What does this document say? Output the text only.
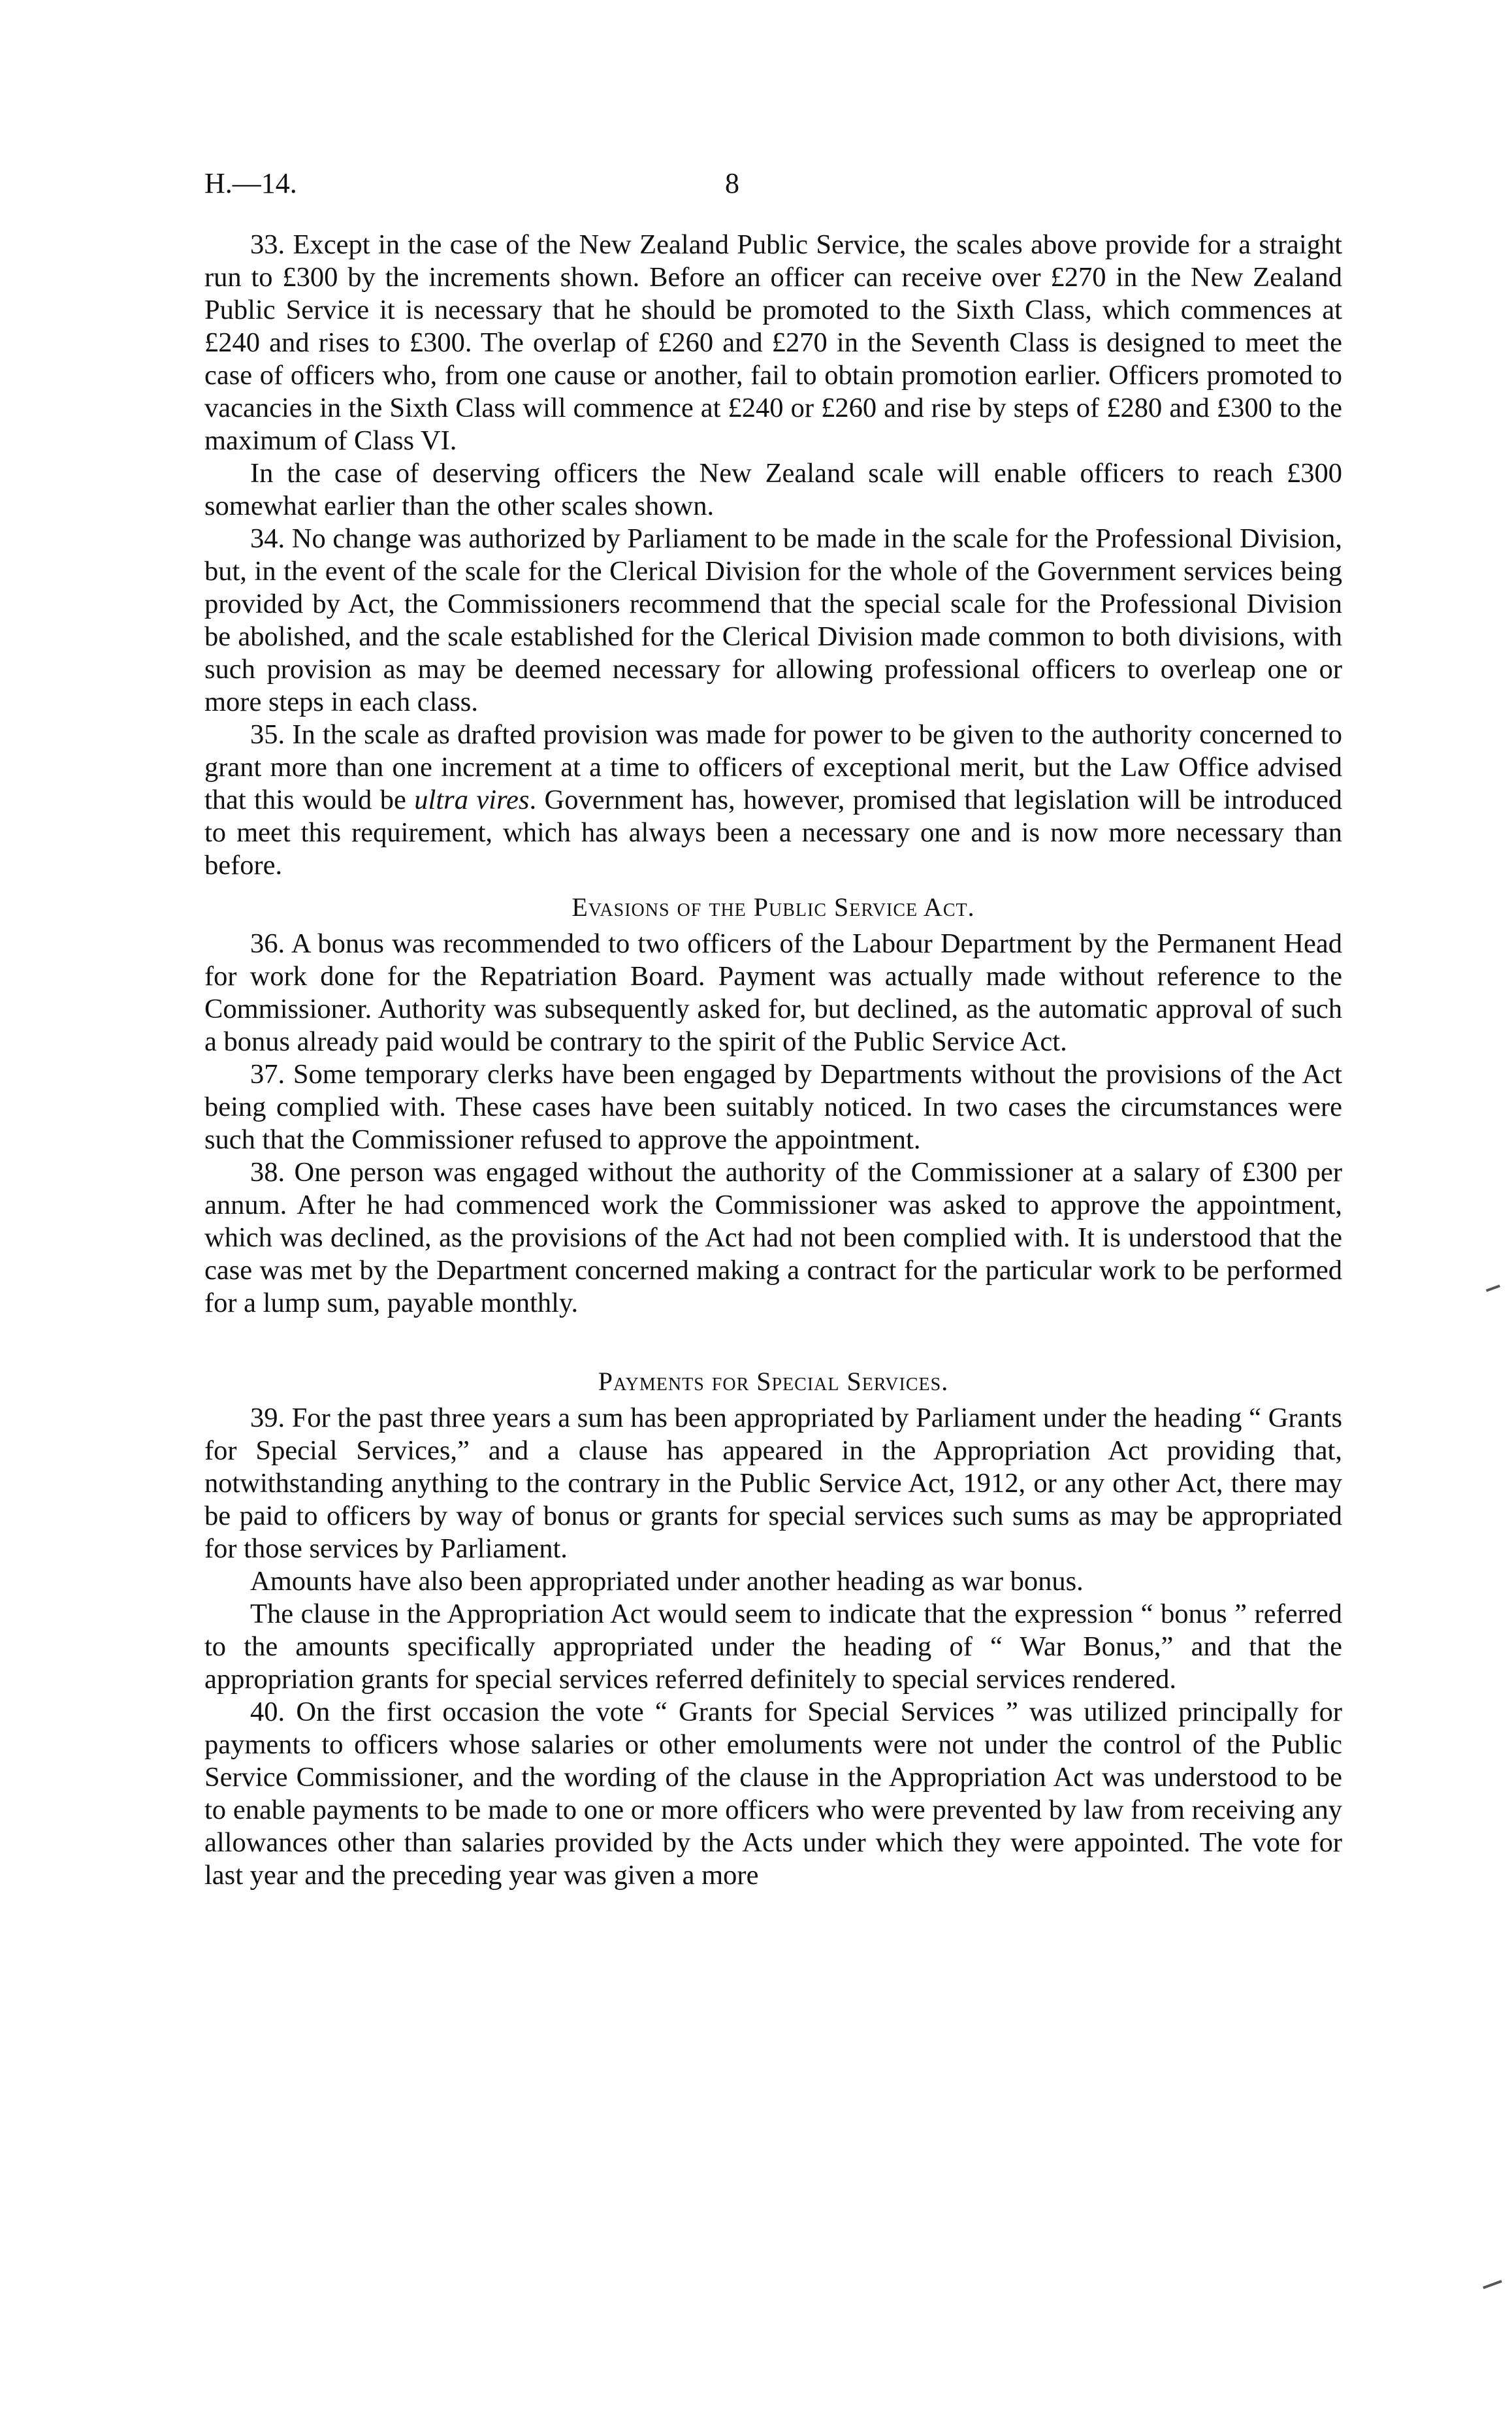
H.—14.	8

33. Except in the case of the New Zealand Public Service, the scales above provide for a straight run to £300 by the increments shown. Before an officer can receive over £270 in the New Zealand Public Service it is necessary that he should be promoted to the Sixth Class, which commences at £240 and rises to £300. The overlap of £260 and £270 in the Seventh Class is designed to meet the case of officers who, from one cause or another, fail to obtain promotion earlier. Officers promoted to vacancies in the Sixth Class will commence at £240 or £260 and rise by steps of £280 and £300 to the maximum of Class VI.

In the case of deserving officers the New Zealand scale will enable officers to reach £300 somewhat earlier than the other scales shown.

34. No change was authorized by Parliament to be made in the scale for the Professional Division, but, in the event of the scale for the Clerical Division for the whole of the Government services being provided by Act, the Commissioners recommend that the special scale for the Professional Division be abolished, and the scale established for the Clerical Division made common to both divisions, with such provision as may be deemed necessary for allowing professional officers to overleap one or more steps in each class.

35. In the scale as drafted provision was made for power to be given to the authority concerned to grant more than one increment at a time to officers of exceptional merit, but the Law Office advised that this would be ultra vires. Government has, however, promised that legislation will be introduced to meet this requirement, which has always been a necessary one and is now more necessary than before.

Evasions of the Public Service Act.

36. A bonus was recommended to two officers of the Labour Department by the Permanent Head for work done for the Repatriation Board. Payment was actually made without reference to the Commissioner. Authority was subsequently asked for, but declined, as the automatic approval of such a bonus already paid would be contrary to the spirit of the Public Service Act.

37. Some temporary clerks have been engaged by Departments without the provisions of the Act being complied with. These cases have been suitably noticed. In two cases the circumstances were such that the Commissioner refused to approve the appointment.

38. One person was engaged without the authority of the Commissioner at a salary of £300 per annum. After he had commenced work the Commissioner was asked to approve the appointment, which was declined, as the provisions of the Act had not been complied with. It is understood that the case was met by the Department concerned making a contract for the particular work to be performed for a lump sum, payable monthly.

Payments for Special Services.

39. For the past three years a sum has been appropriated by Parliament under the heading “ Grants for Special Services,” and a clause has appeared in the Appropriation Act providing that, notwithstanding anything to the contrary in the Public Service Act, 1912, or any other Act, there may be paid to officers by way of bonus or grants for special services such sums as may be appropriated for those services by Parliament.

Amounts have also been appropriated under another heading as war bonus.

The clause in the Appropriation Act would seem to indicate that the expression “ bonus ” referred to the amounts specifically appropriated under the heading of “ War Bonus,” and that the appropriation grants for special services referred definitely to special services rendered.

40. On the first occasion the vote “ Grants for Special Services ” was utilized principally for payments to officers whose salaries or other emoluments were not under the control of the Public Service Commissioner, and the wording of the clause in the Appropriation Act was understood to be to enable payments to be made to one or more officers who were prevented by law from receiving any allowances other than salaries provided by the Acts under which they were appointed. The vote for last year and the preceding year was given a more
